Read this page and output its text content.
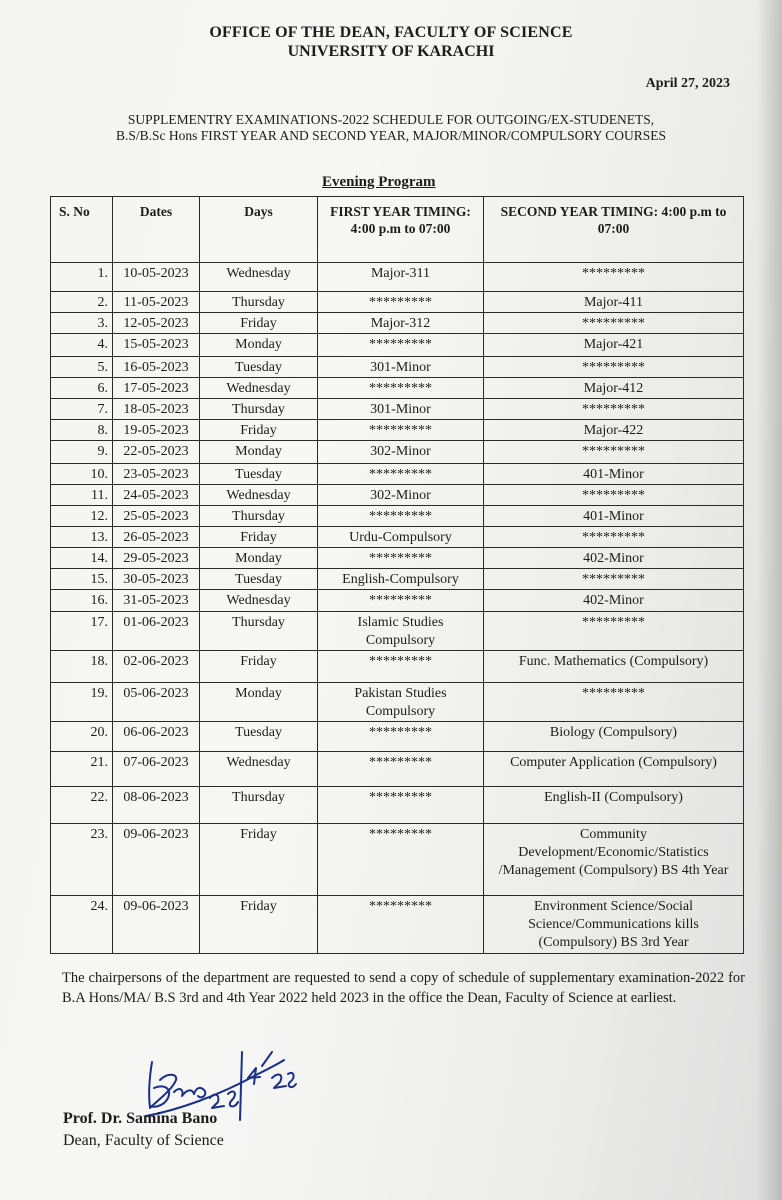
OFFICE OF THE DEAN, FACULTY OF SCIENCE
UNIVERSITY OF KARACHI
April 27, 2023
SUPPLEMENTRY EXAMINATIONS-2022 SCHEDULE FOR OUTGOING/EX-STUDENETS,
B.S/B.Sc Hons FIRST YEAR AND SECOND YEAR, MAJOR/MINOR/COMPULSORY COURSES
Evening Program
S. No	Dates	Days	FIRST YEAR TIMING: 4:00 p.m to 07:00	SECOND YEAR TIMING: 4:00 p.m to 07:00

1.	10-05-2023	Wednesday	Major-311	*********

2.	11-05-2023	Thursday	*********	Major-411

3.	12-05-2023	Friday	Major-312	*********

4.	15-05-2023	Monday	*********	Major-421

5.	16-05-2023	Tuesday	301-Minor	*********

6.	17-05-2023	Wednesday	*********	Major-412

7.	18-05-2023	Thursday	301-Minor	*********

8.	19-05-2023	Friday	*********	Major-422

9.	22-05-2023	Monday	302-Minor	*********

10.	23-05-2023	Tuesday	*********	401-Minor

11.	24-05-2023	Wednesday	302-Minor	*********

12.	25-05-2023	Thursday	*********	401-Minor

13.	26-05-2023	Friday	Urdu-Compulsory	*********

14.	29-05-2023	Monday	*********	402-Minor

15.	30-05-2023	Tuesday	English-Compulsory	*********

16.	31-05-2023	Wednesday	*********	402-Minor

17.	01-06-2023	Thursday	Islamic Studies Compulsory	*********

18.	02-06-2023	Friday	*********	Func. Mathematics (Compulsory)

19.	05-06-2023	Monday	Pakistan Studies Compulsory	*********

20.	06-06-2023	Tuesday	*********	Biology (Compulsory)

21.	07-06-2023	Wednesday	*********	Computer Application (Compulsory)

22.	08-06-2023	Thursday	*********	English-II (Compulsory)

23.	09-06-2023	Friday	*********	Community Development/Economic/Statistics /Management (Compulsory) BS 4th Year

24.	09-06-2023	Friday	*********	Environment Science/Social Science/Communications kills (Compulsory) BS 3rd Year
The chairpersons of the department are requested to send a copy of schedule of supplementary examination-2022 for B.A Hons/MA/ B.S 3rd and 4th Year 2022 held 2023 in the office the Dean, Faculty of Science at earliest.
Prof. Dr. Samina Bano
Dean, Faculty of Science
